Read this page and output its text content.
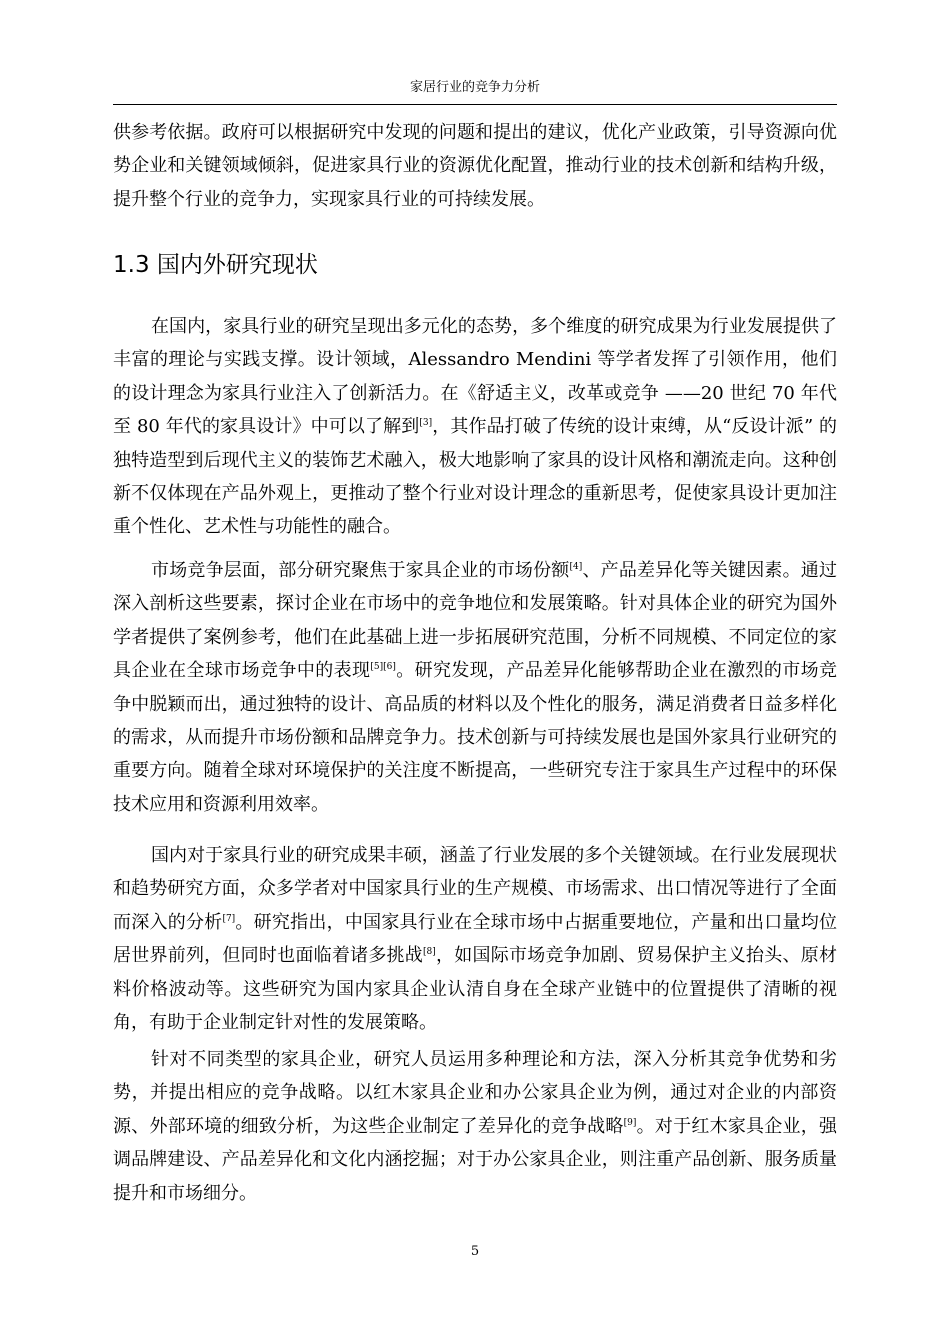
家居行业的竞争力分析

供参考依据。政府可以根据研究中发现的问题和提出的建议，优化产业政策，引导资源向优势企业和关键领域倾斜，促进家具行业的资源优化配置，推动行业的技术创新和结构升级，提升整个行业的竞争力，实现家具行业的可持续发展。

1.3 国内外研究现状

在国内，家具行业的研究呈现出多元化的态势，多个维度的研究成果为行业发展提供了丰富的理论与实践支撑。设计领域，Alessandro Mendini 等学者发挥了引领作用，他们的设计理念为家具行业注入了创新活力。在《舒适主义，改革或竞争 ——20 世纪 70 年代至 80 年代的家具设计》中可以了解到[3]，其作品打破了传统的设计束缚，从“反设计派” 的独特造型到后现代主义的装饰艺术融入，极大地影响了家具的设计风格和潮流走向。这种创新不仅体现在产品外观上，更推动了整个行业对设计理念的重新思考，促使家具设计更加注重个性化、艺术性与功能性的融合。

市场竞争层面，部分研究聚焦于家具企业的市场份额[4]、产品差异化等关键因素。通过深入剖析这些要素，探讨企业在市场中的竞争地位和发展策略。针对具体企业的研究为国外学者提供了案例参考，他们在此基础上进一步拓展研究范围，分析不同规模、不同定位的家具企业在全球市场竞争中的表现[5][6]。研究发现，产品差异化能够帮助企业在激烈的市场竞争中脱颖而出，通过独特的设计、高品质的材料以及个性化的服务，满足消费者日益多样化的需求，从而提升市场份额和品牌竞争力。技术创新与可持续发展也是国外家具行业研究的重要方向。随着全球对环境保护的关注度不断提高，一些研究专注于家具生产过程中的环保技术应用和资源利用效率。

国内对于家具行业的研究成果丰硕，涵盖了行业发展的多个关键领域。在行业发展现状和趋势研究方面，众多学者对中国家具行业的生产规模、市场需求、出口情况等进行了全面而深入的分析[7]。研究指出，中国家具行业在全球市场中占据重要地位，产量和出口量均位居世界前列，但同时也面临着诸多挑战[8]，如国际市场竞争加剧、贸易保护主义抬头、原材料价格波动等。这些研究为国内家具企业认清自身在全球产业链中的位置提供了清晰的视角，有助于企业制定针对性的发展策略。

针对不同类型的家具企业，研究人员运用多种理论和方法，深入分析其竞争优势和劣势，并提出相应的竞争战略。以红木家具企业和办公家具企业为例，通过对企业的内部资源、外部环境的细致分析，为这些企业制定了差异化的竞争战略[9]。对于红木家具企业，强调品牌建设、产品差异化和文化内涵挖掘；对于办公家具企业，则注重产品创新、服务质量提升和市场细分。

5
